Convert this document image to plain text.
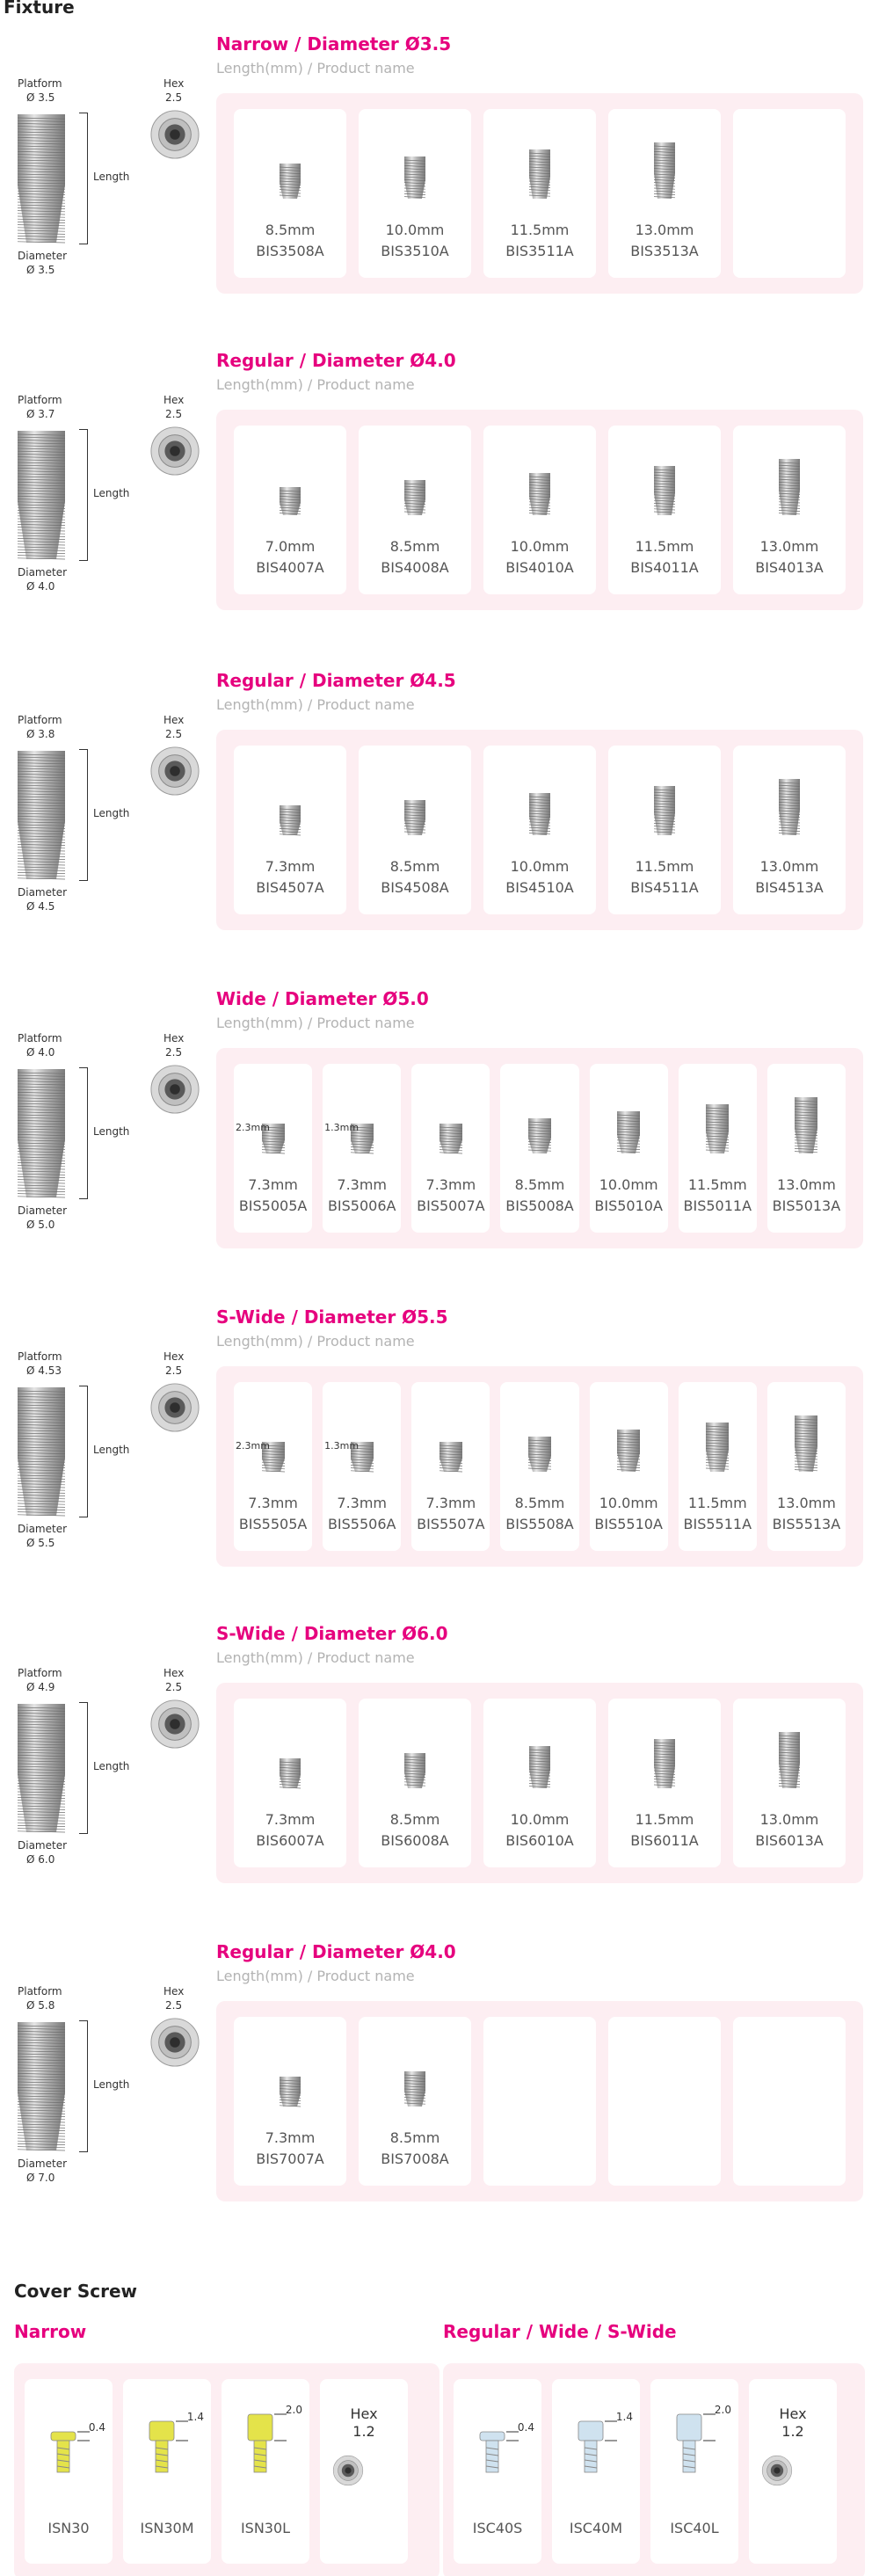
Fixture
Narrow / Diameter Ø3.5
Length(mm) / Product name
Platform
Ø 3.5
Length
Diameter
Ø 3.5
Hex
2.5
8.5mm
BIS3508A
10.0mm
BIS3510A
11.5mm
BIS3511A
13.0mm
BIS3513A
Regular / Diameter Ø4.0
Length(mm) / Product name
Platform
Ø 3.7
Length
Diameter
Ø 4.0
Hex
2.5
7.0mm
BIS4007A
8.5mm
BIS4008A
10.0mm
BIS4010A
11.5mm
BIS4011A
13.0mm
BIS4013A
Regular / Diameter Ø4.5
Length(mm) / Product name
Platform
Ø 3.8
Length
Diameter
Ø 4.5
Hex
2.5
7.3mm
BIS4507A
8.5mm
BIS4508A
10.0mm
BIS4510A
11.5mm
BIS4511A
13.0mm
BIS4513A
Wide / Diameter Ø5.0
Length(mm) / Product name
Platform
Ø 4.0
Length
Diameter
Ø 5.0
Hex
2.5
2.3mm
7.3mm
BIS5005A
1.3mm
7.3mm
BIS5006A
7.3mm
BIS5007A
8.5mm
BIS5008A
10.0mm
BIS5010A
11.5mm
BIS5011A
13.0mm
BIS5013A
S-Wide / Diameter Ø5.5
Length(mm) / Product name
Platform
Ø 4.53
Length
Diameter
Ø 5.5
Hex
2.5
2.3mm
7.3mm
BIS5505A
1.3mm
7.3mm
BIS5506A
7.3mm
BIS5507A
8.5mm
BIS5508A
10.0mm
BIS5510A
11.5mm
BIS5511A
13.0mm
BIS5513A
S-Wide / Diameter Ø6.0
Length(mm) / Product name
Platform
Ø 4.9
Length
Diameter
Ø 6.0
Hex
2.5
7.3mm
BIS6007A
8.5mm
BIS6008A
10.0mm
BIS6010A
11.5mm
BIS6011A
13.0mm
BIS6013A
Regular / Diameter Ø4.0
Length(mm) / Product name
Platform
Ø 5.8
Length
Diameter
Ø 7.0
Hex
2.5
7.3mm
BIS7007A
8.5mm
BIS7008A
Cover Screw
Narrow
0.4
ISN30
1.4
ISN30M
2.0
ISN30L
Hex
1.2
Regular / Wide / S-Wide
0.4
ISC40S
1.4
ISC40M
2.0
ISC40L
Hex
1.2
